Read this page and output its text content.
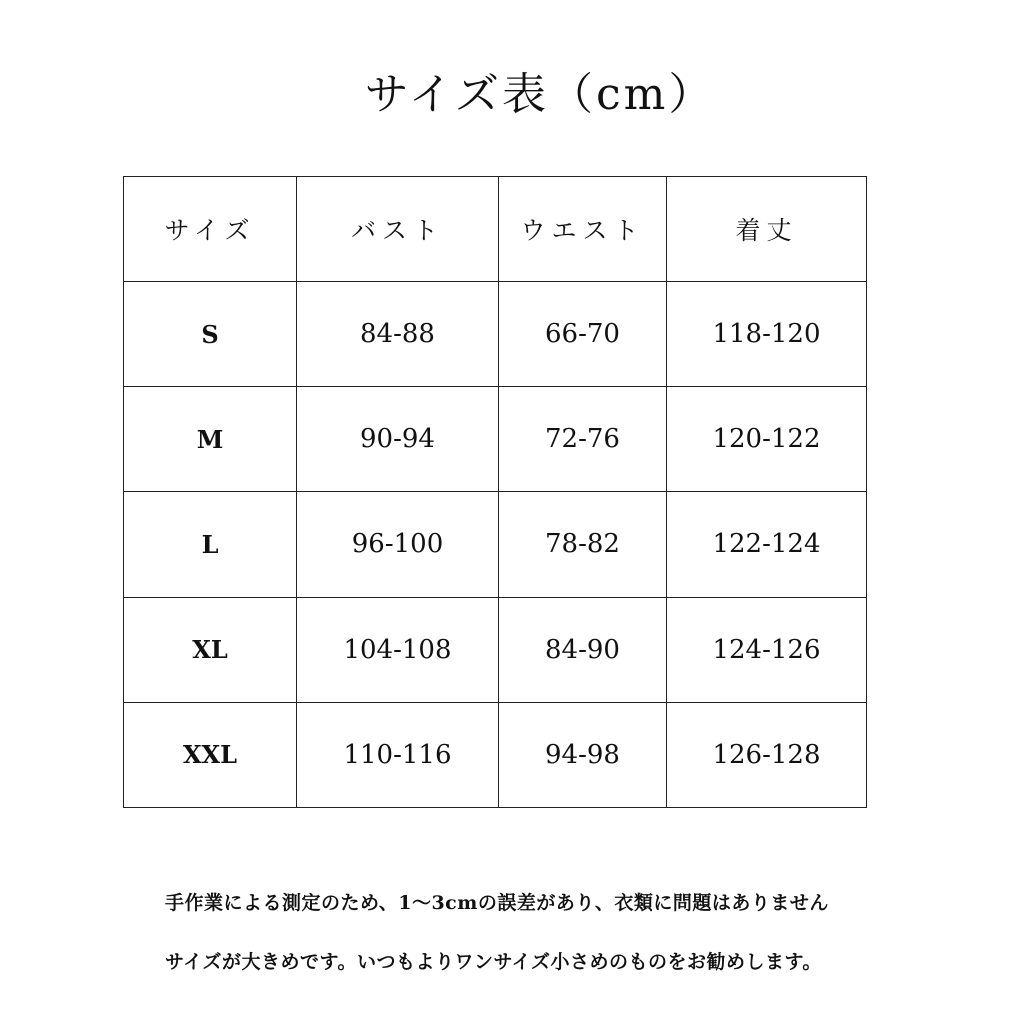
サイズ表（cm）
サイズ	バスト	ウエスト	着丈
S	84-88	66-70	118-120
M	90-94	72-76	120-122
L	96-100	78-82	122-124
XL	104-108	84-90	124-126
XXL	110-116	94-98	126-128
手作業による測定のため、1〜3cmの誤差があり、衣類に問題はありません
サイズが大きめです。いつもよりワンサイズ小さめのものをお勧めします。
